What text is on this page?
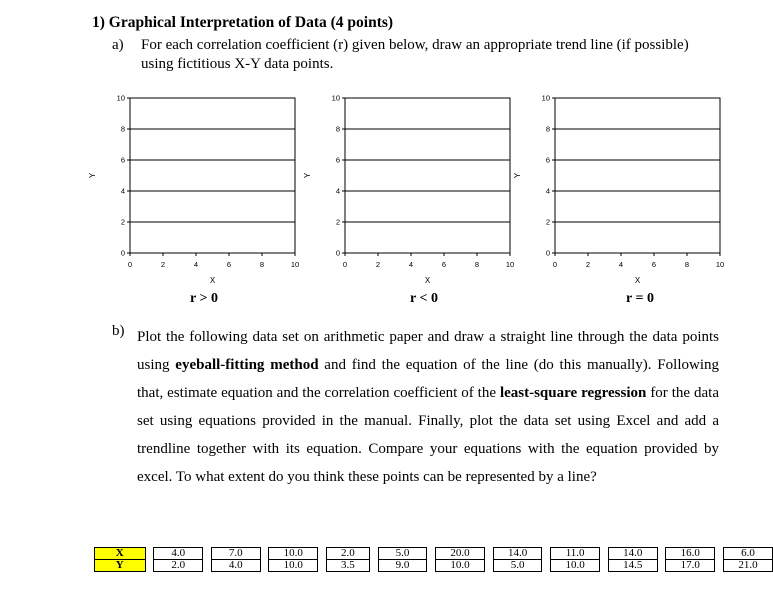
1) Graphical Interpretation of Data (4 points)
a) For each correlation coefficient (r) given below, draw an appropriate trend line (if possible) using fictitious X-Y data points.
0
2
4
6
8
10
0	2	4	6	8	10
X
Y
0
2
4
6
8
10
0	2	4	6	8	10
X
Y
0
2
4
6
8
10
0	2	4	6	8	10
X
Y
r > 0	r < 0	r = 0
b) Plot the following data set on arithmetic paper and draw a straight line through the data points using eyeball-fitting method and find the equation of the line (do this manually). Following that, estimate equation and the correlation coefficient of the least-square regression for the data set using equations provided in the manual. Finally, plot the data set using Excel and add a trendline together with its equation. Compare your equations with the equation provided by excel. To what extent do you think these points can be represented by a line?
X		4.0		7.0		10.0		2.0		5.0		20.0		14.0		11.0		14.0		16.0		6.0
Y		2.0		4.0		10.0		3.5		9.0		10.0		5.0		10.0		14.5		17.0		21.0
